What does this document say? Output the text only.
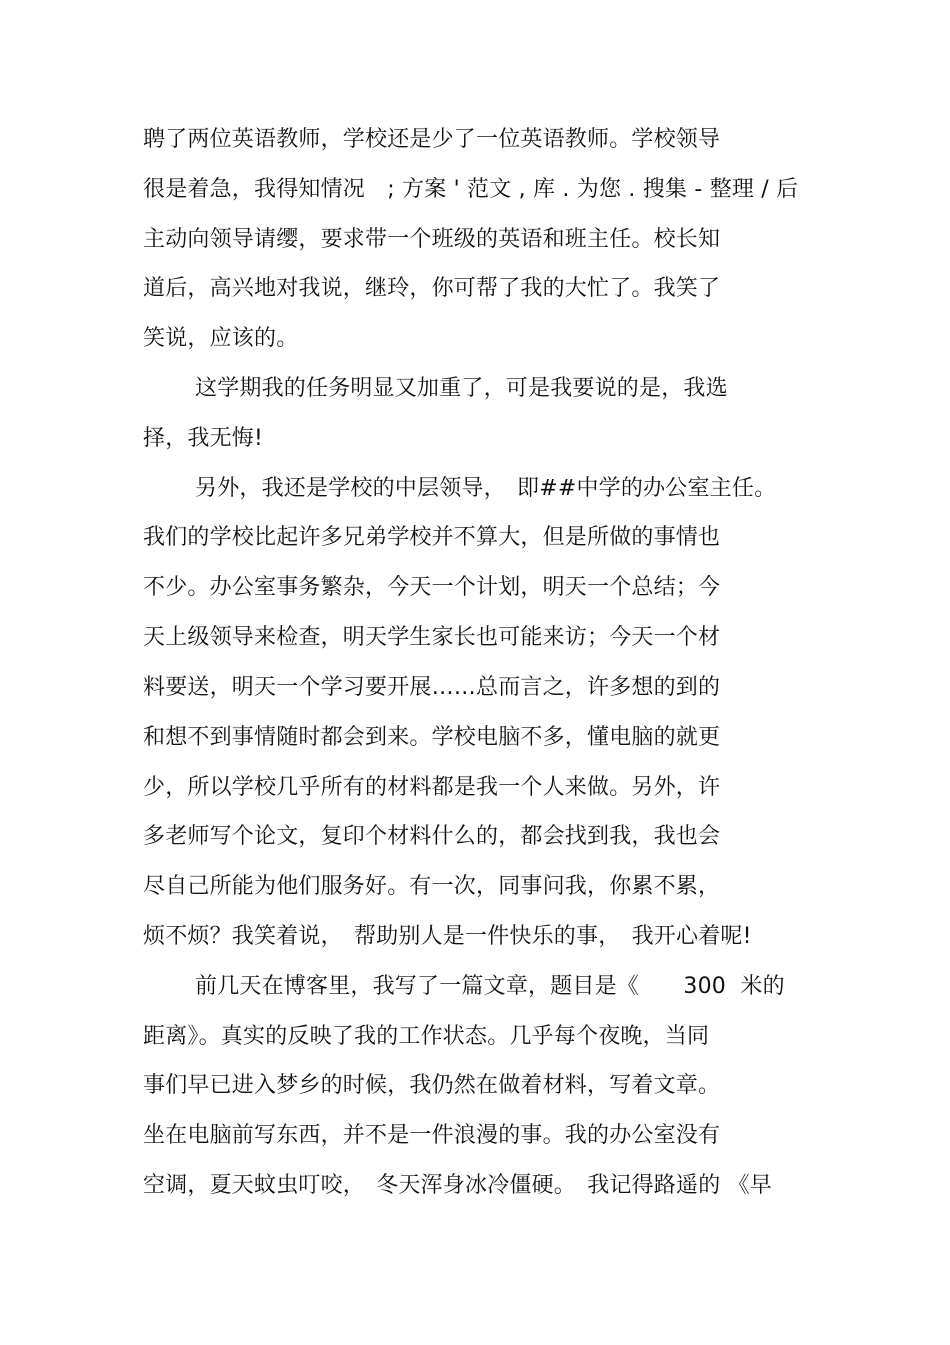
聘了两位英语教师，学校还是少了一位英语教师。学校领导
很是着急，我得知情况　; 方案 ' 范文 , 库 . 为您 . 搜集 - 整理 / 后
主动向领导请缨，要求带一个班级的英语和班主任。校长知
道后，高兴地对我说，继玲，你可帮了我的大忙了。我笑了
笑说，应该的。
这学期我的任务明显又加重了，可是我要说的是，我选
择，我无悔!
另外，我还是学校的中层领导，　即##中学的办公室主任。
我们的学校比起许多兄弟学校并不算大，但是所做的事情也
不少。办公室事务繁杂，今天一个计划，明天一个总结；今
天上级领导来检查，明天学生家长也可能来访；今天一个材
料要送，明天一个学习要开展……总而言之，许多想的到的
和想不到事情随时都会到来。学校电脑不多，懂电脑的就更
少，所以学校几乎所有的材料都是我一个人来做。另外，许
多老师写个论文，复印个材料什么的，都会找到我，我也会
尽自己所能为他们服务好。有一次，同事问我，你累不累，
烦不烦？我笑着说，　帮助别人是一件快乐的事，　我开心着呢!
前几天在博客里，我写了一篇文章，题目是《　　300  米的
距离》。真实的反映了我的工作状态。几乎每个夜晚，当同
事们早已进入梦乡的时候，我仍然在做着材料，写着文章。
坐在电脑前写东西，并不是一件浪漫的事。我的办公室没有
空调，夏天蚊虫叮咬，　冬天浑身冰冷僵硬。　我记得路遥的 《早
